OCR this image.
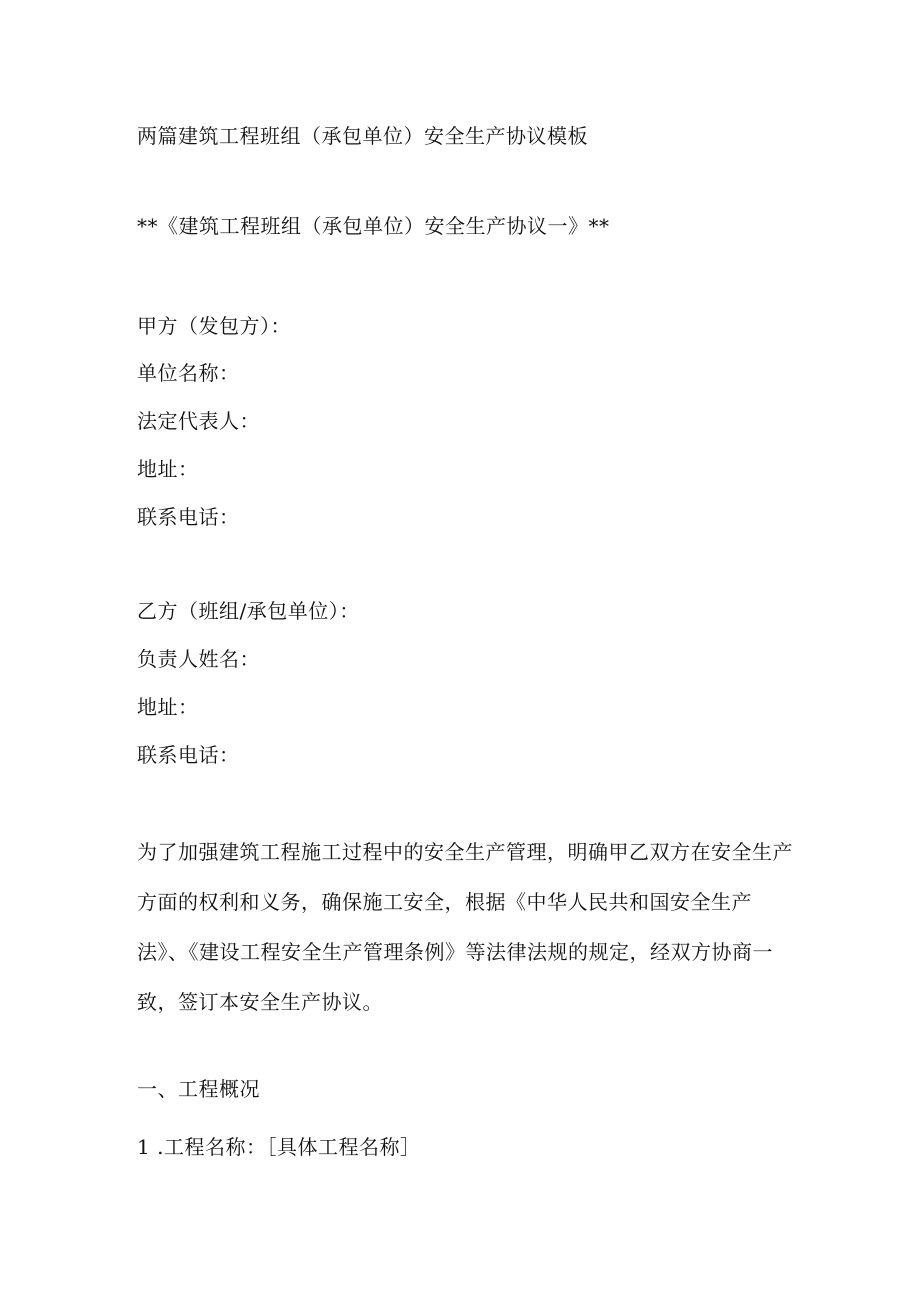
两篇建筑工程班组（承包单位）安全生产协议模板
**《建筑工程班组（承包单位）安全生产协议一》**
甲方（发包方）：
单位名称：
法定代表人：
地址：
联系电话：
乙方（班组/承包单位）：
负责人姓名：
地址：
联系电话：

为了加强建筑工程施工过程中的安全生产管理，明确甲乙双方在安全生产

方面的权利和义务，确保施工安全，根据《中华人民共和国安全生产

法》、《建设工程安全生产管理条例》等法律法规的规定，经双方协商一

致，签订本安全生产协议。

一、工程概况
1 .工程名称：［具体工程名称］
